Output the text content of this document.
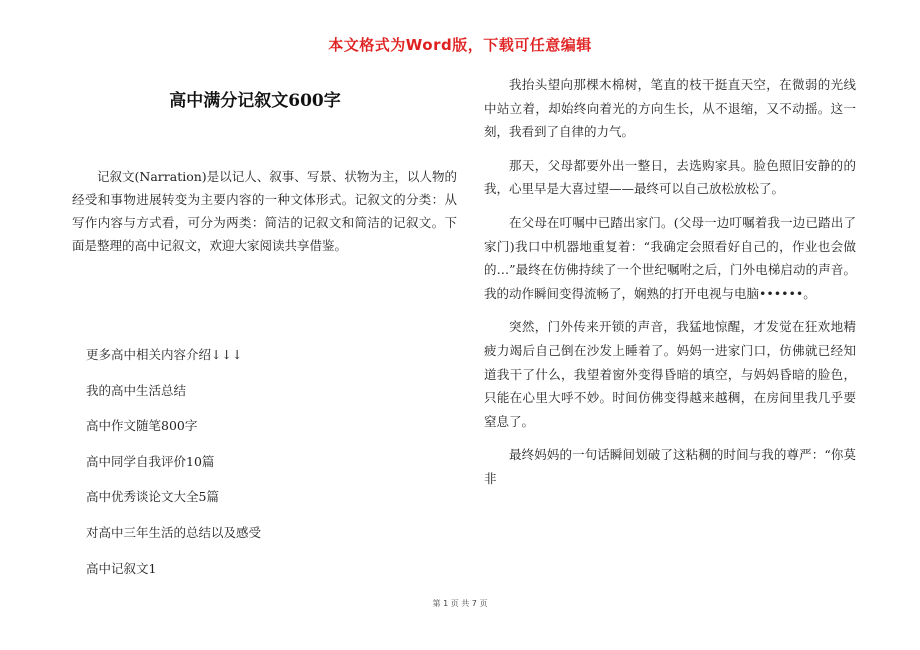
本文格式为Word版，下载可任意编辑
高中满分记叙文600字

记叙文(Narration)是以记人、叙事、写景、状物为主，以人物的经受和事物进展转变为主要内容的一种文体形式。记叙文的分类：从写作内容与方式看，可分为两类：简洁的记叙文和简洁的记叙文。下面是整理的高中记叙文，欢迎大家阅读共享借鉴。

更多高中相关内容介绍↓↓↓
我的高中生活总结
高中作文随笔800字
高中同学自我评价10篇
高中优秀谈论文大全5篇
对高中三年生活的总结以及感受
高中记叙文1

我抬头望向那棵木棉树，笔直的枝干挺直天空，在微弱的光线中站立着，却始终向着光的方向生长，从不退缩，又不动摇。这一刻，我看到了自律的力气。

那天，父母都要外出一整日，去选购家具。脸色照旧安静的的我，心里早是大喜过望——最终可以自己放松放松了。

在父母在叮嘱中已踏出家门。(父母一边叮嘱着我一边已踏出了家门)我口中机器地重复着：“我确定会照看好自己的，作业也会做的…”最终在仿佛持续了一个世纪嘱咐之后，门外电梯启动的声音。我的动作瞬间变得流畅了，娴熟的打开电视与电脑••••••。

突然，门外传来开锁的声音，我猛地惊醒，才发觉在狂欢地精疲力竭后自己倒在沙发上睡着了。妈妈一进家门口，仿佛就已经知道我干了什么，我望着窗外变得昏暗的填空，与妈妈昏暗的脸色，只能在心里大呼不妙。时间仿佛变得越来越稠，在房间里我几乎要窒息了。

最终妈妈的一句话瞬间划破了这粘稠的时间与我的尊严：“你莫非

第 1 页 共 7 页
